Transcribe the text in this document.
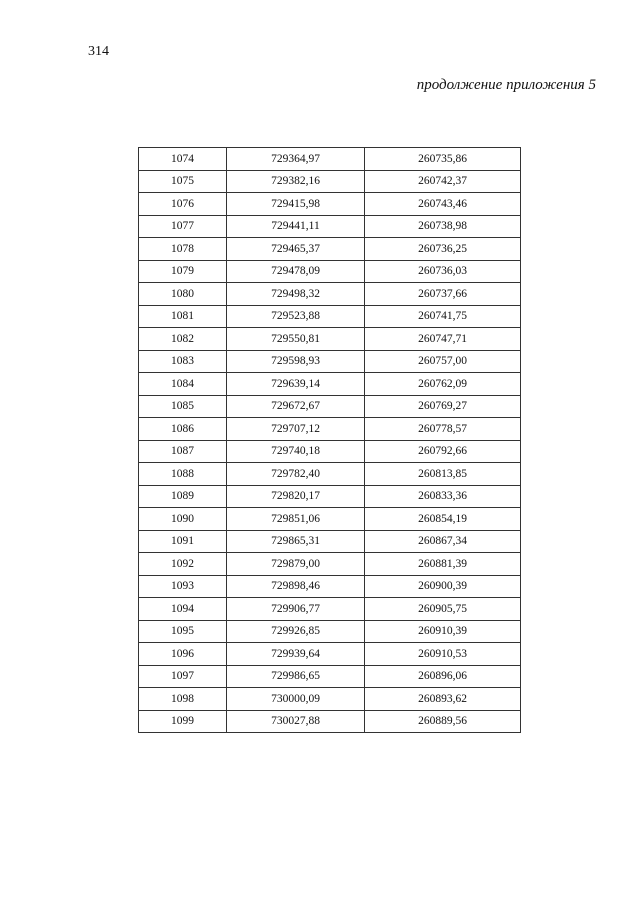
314
продолжение приложения 5
1074	729364,97	260735,86
1075	729382,16	260742,37
1076	729415,98	260743,46
1077	729441,11	260738,98
1078	729465,37	260736,25
1079	729478,09	260736,03
1080	729498,32	260737,66
1081	729523,88	260741,75
1082	729550,81	260747,71
1083	729598,93	260757,00
1084	729639,14	260762,09
1085	729672,67	260769,27
1086	729707,12	260778,57
1087	729740,18	260792,66
1088	729782,40	260813,85
1089	729820,17	260833,36
1090	729851,06	260854,19
1091	729865,31	260867,34
1092	729879,00	260881,39
1093	729898,46	260900,39
1094	729906,77	260905,75
1095	729926,85	260910,39
1096	729939,64	260910,53
1097	729986,65	260896,06
1098	730000,09	260893,62
1099	730027,88	260889,56
